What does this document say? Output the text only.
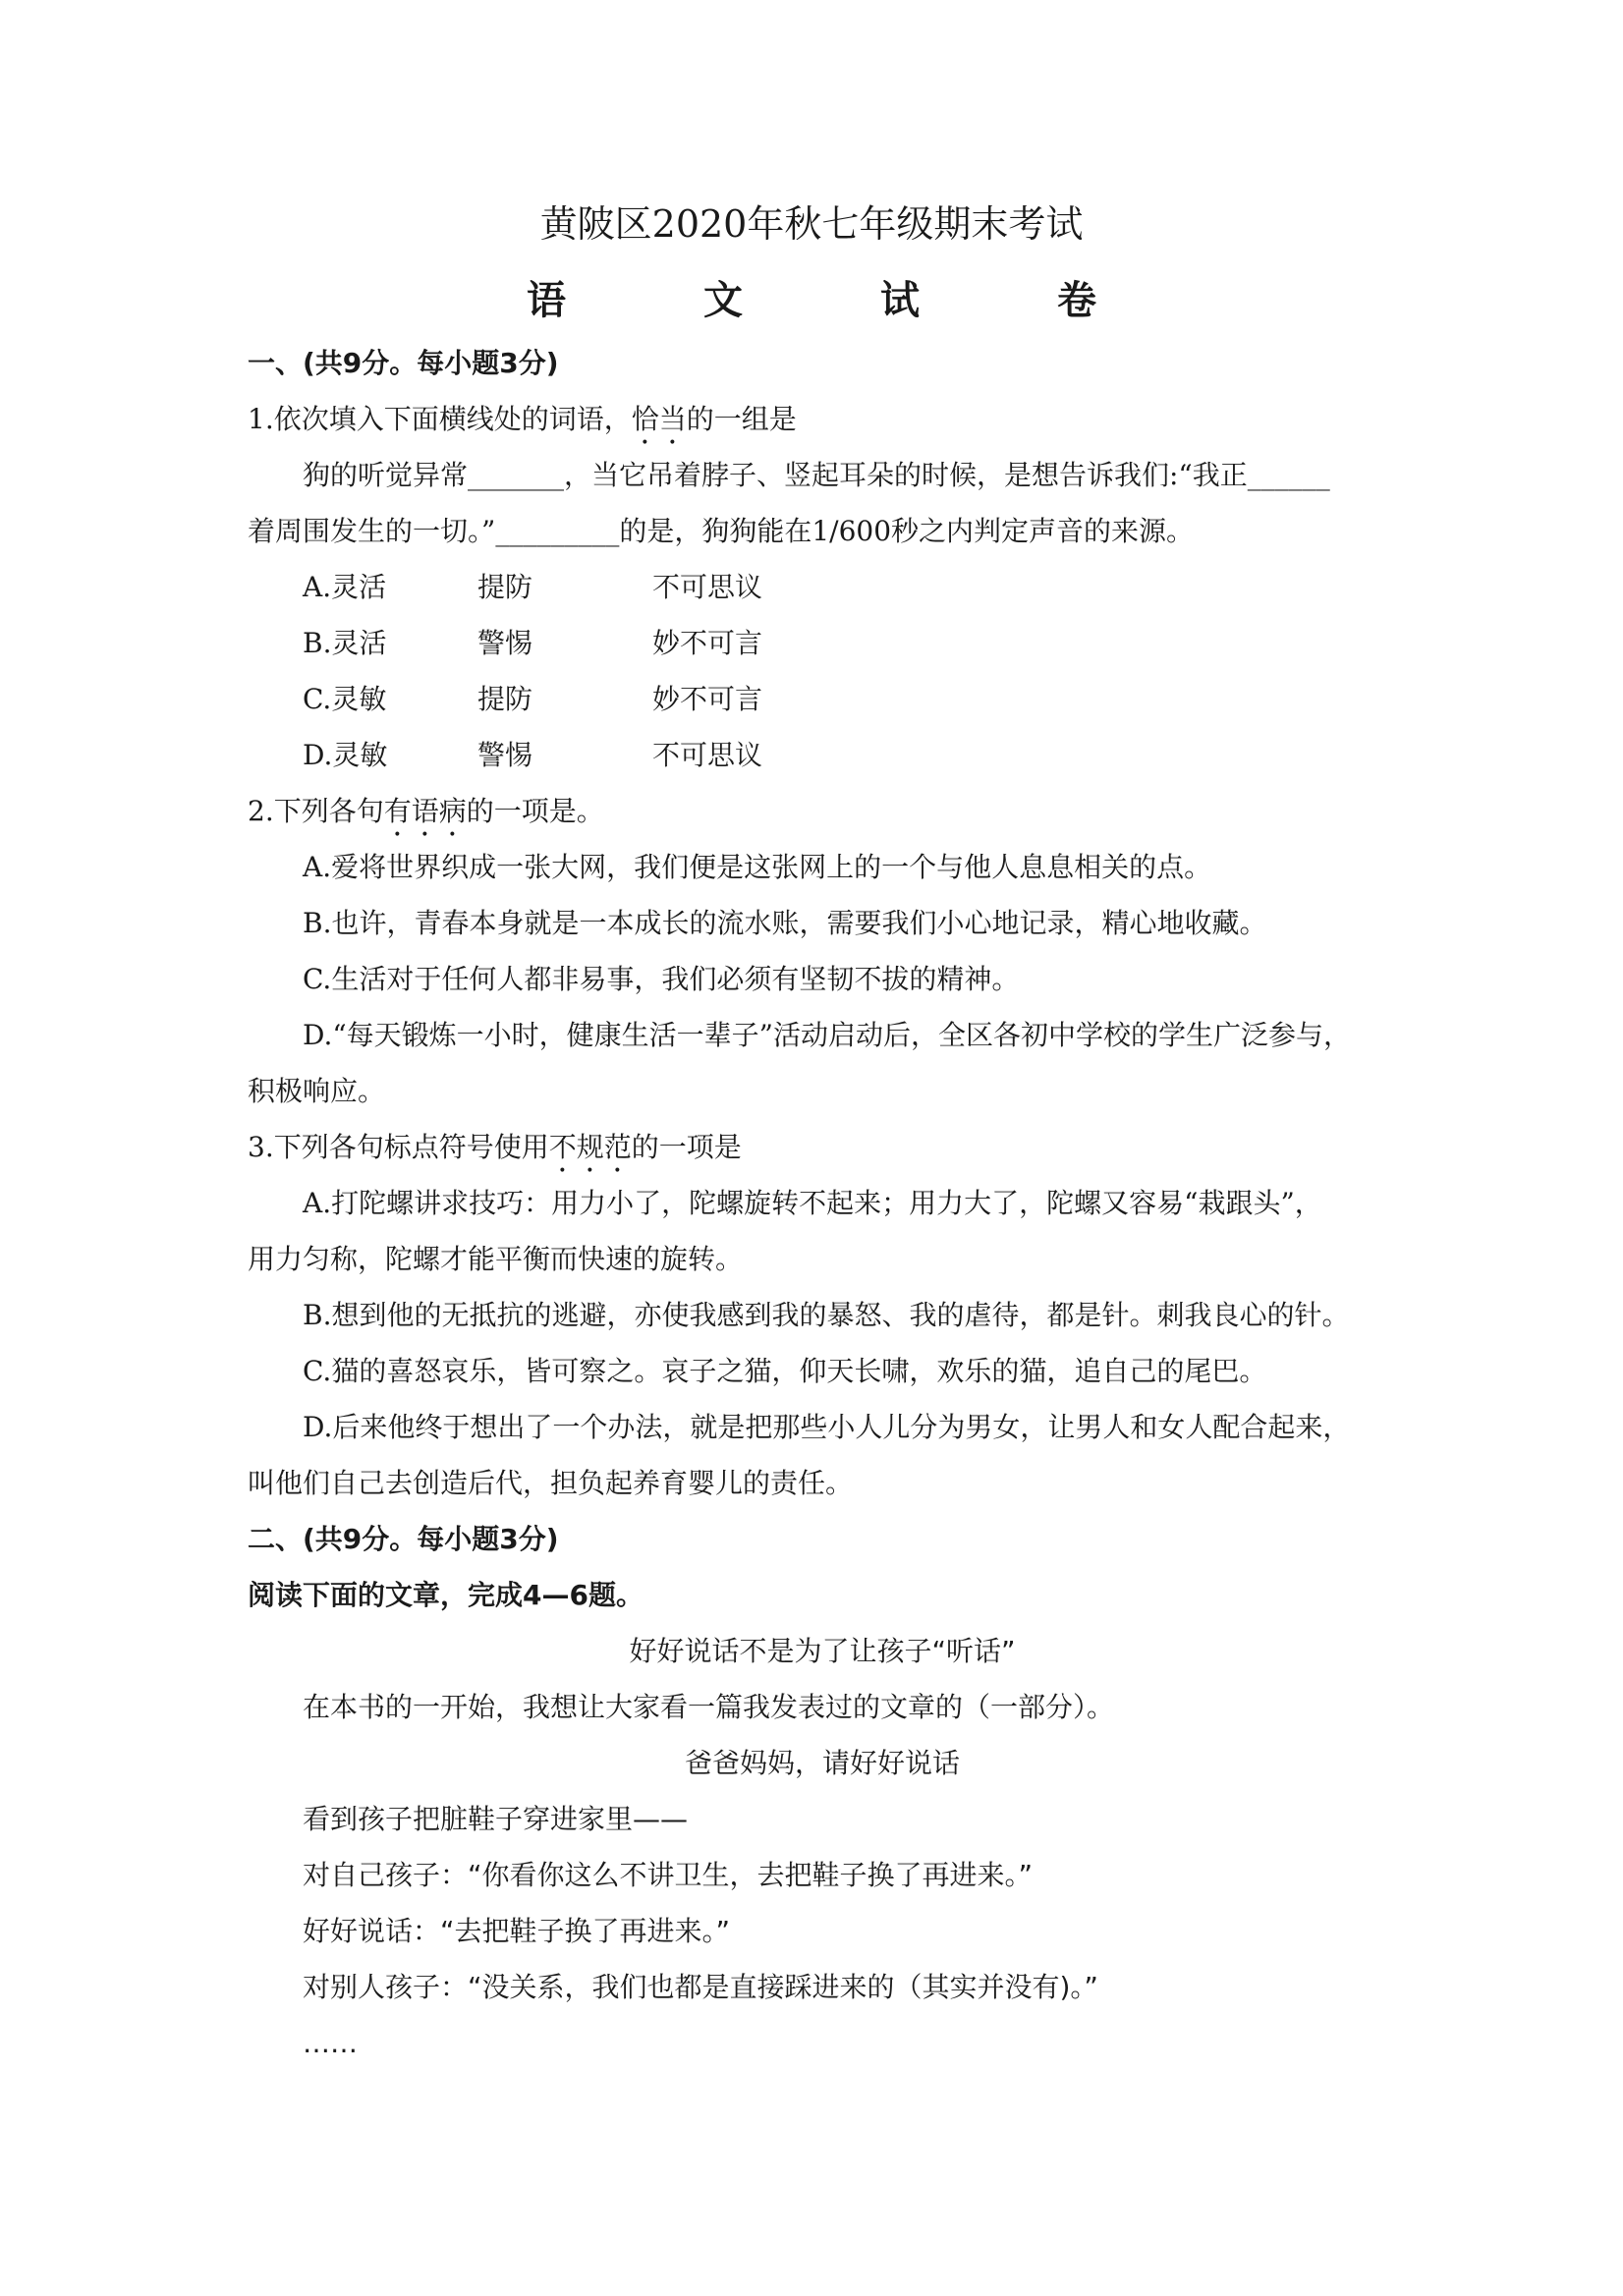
黄陂区2020年秋七年级期末考试
语	文	试	卷
一、(共9分。每小题3分)
1.依次填入下面横线处的词语，恰当的一组是
狗的听觉异常_______，当它吊着脖子、竖起耳朵的时候，是想告诉我们:“我正______
着周围发生的一切。”_________的是，狗狗能在1/600秒之内判定声音的来源。
A.灵活	提防	不可思议
B.灵活	警惕	妙不可言
C.灵敏	提防	妙不可言
D.灵敏	警惕	不可思议
2.下列各句有语病的一项是。
A.爱将世界织成一张大网，我们便是这张网上的一个与他人息息相关的点。
B.也许，青春本身就是一本成长的流水账，需要我们小心地记录，精心地收藏。
C.生活对于任何人都非易事，我们必须有坚韧不拔的精神。
D.“每天锻炼一小时，健康生活一辈子”活动启动后，全区各初中学校的学生广泛参与，
积极响应。
3.下列各句标点符号使用不规范的一项是
A.打陀螺讲求技巧：用力小了，陀螺旋转不起来；用力大了，陀螺又容易“栽跟头”，
用力匀称，陀螺才能平衡而快速的旋转。
B.想到他的无抵抗的逃避，亦使我感到我的暴怒、我的虐待，都是针。刺我良心的针。
C.猫的喜怒哀乐，皆可察之。哀子之猫，仰天长啸，欢乐的猫，追自己的尾巴。
D.后来他终于想出了一个办法，就是把那些小人儿分为男女，让男人和女人配合起来，
叫他们自己去创造后代，担负起养育婴儿的责任。
二、(共9分。每小题3分)
阅读下面的文章，完成4—6题。
好好说话不是为了让孩子“听话”
在本书的一开始，我想让大家看一篇我发表过的文章的（一部分）。
爸爸妈妈，请好好说话
看到孩子把脏鞋子穿进家里——
对自己孩子：“你看你这么不讲卫生，去把鞋子换了再进来。”
好好说话：“去把鞋子换了再进来。”
对别人孩子：“没关系，我们也都是直接踩进来的（其实并没有)。”
……
